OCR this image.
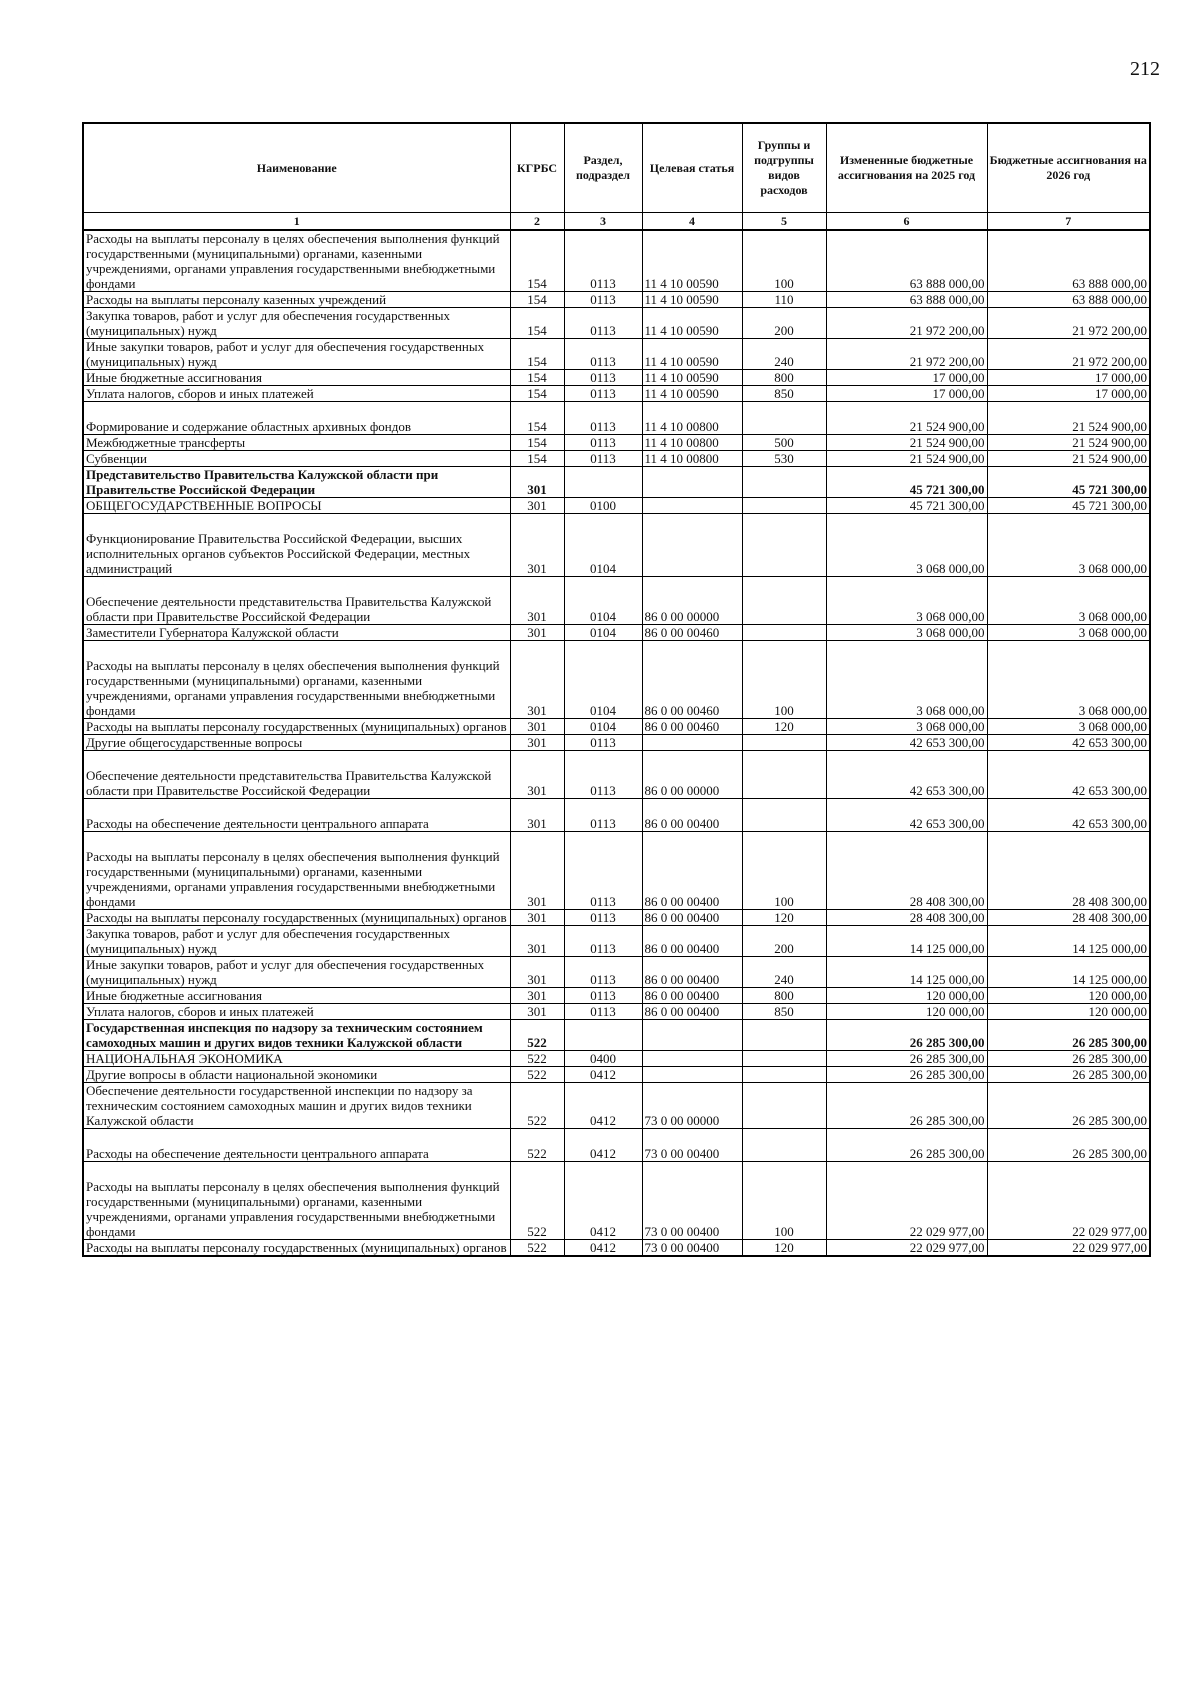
212
Наименование	КГРБС	Раздел, подраздел	Целевая статья	Группы и подгруппы видов расходов	Измененные бюджетные ассигнования на 2025 год	Бюджетные ассигнования на 2026 год
1	2	3	4	5	6	7
Расходы на выплаты персоналу в целях обеспечения выполнения функций государственными (муниципальными) органами, казенными учреждениями, органами управления государственными внебюджетными фондами	154	0113	11 4 10 00590	100	63 888 000,00	63 888 000,00
Расходы на выплаты персоналу казенных учреждений	154	0113	11 4 10 00590	110	63 888 000,00	63 888 000,00
Закупка товаров, работ и услуг для обеспечения государственных (муниципальных) нужд	154	0113	11 4 10 00590	200	21 972 200,00	21 972 200,00
Иные закупки товаров, работ и услуг для обеспечения государственных (муниципальных) нужд	154	0113	11 4 10 00590	240	21 972 200,00	21 972 200,00
Иные бюджетные ассигнования	154	0113	11 4 10 00590	800	17 000,00	17 000,00
Уплата налогов, сборов и иных платежей	154	0113	11 4 10 00590	850	17 000,00	17 000,00
Формирование и содержание областных архивных фондов	154	0113	11 4 10 00800		21 524 900,00	21 524 900,00
Межбюджетные трансферты	154	0113	11 4 10 00800	500	21 524 900,00	21 524 900,00
Субвенции	154	0113	11 4 10 00800	530	21 524 900,00	21 524 900,00
Представительство Правительства Калужской области при Правительстве Российской Федерации	301				45 721 300,00	45 721 300,00
ОБЩЕГОСУДАРСТВЕННЫЕ ВОПРОСЫ	301	0100			45 721 300,00	45 721 300,00
Функционирование Правительства Российской Федерации, высших исполнительных органов субъектов Российской Федерации, местных администраций	301	0104			3 068 000,00	3 068 000,00
Обеспечение деятельности представительства Правительства Калужской области при Правительстве Российской Федерации	301	0104	86 0 00 00000		3 068 000,00	3 068 000,00
Заместители Губернатора Калужской области	301	0104	86 0 00 00460		3 068 000,00	3 068 000,00
Расходы на выплаты персоналу в целях обеспечения выполнения функций государственными (муниципальными) органами, казенными учреждениями, органами управления государственными внебюджетными фондами	301	0104	86 0 00 00460	100	3 068 000,00	3 068 000,00
Расходы на выплаты персоналу государственных (муниципальных) органов	301	0104	86 0 00 00460	120	3 068 000,00	3 068 000,00
Другие общегосударственные вопросы	301	0113			42 653 300,00	42 653 300,00
Обеспечение деятельности представительства Правительства Калужской области при Правительстве Российской Федерации	301	0113	86 0 00 00000		42 653 300,00	42 653 300,00
Расходы на обеспечение деятельности центрального аппарата	301	0113	86 0 00 00400		42 653 300,00	42 653 300,00
Расходы на выплаты персоналу в целях обеспечения выполнения функций государственными (муниципальными) органами, казенными учреждениями, органами управления государственными внебюджетными фондами	301	0113	86 0 00 00400	100	28 408 300,00	28 408 300,00
Расходы на выплаты персоналу государственных (муниципальных) органов	301	0113	86 0 00 00400	120	28 408 300,00	28 408 300,00
Закупка товаров, работ и услуг для обеспечения государственных (муниципальных) нужд	301	0113	86 0 00 00400	200	14 125 000,00	14 125 000,00
Иные закупки товаров, работ и услуг для обеспечения государственных (муниципальных) нужд	301	0113	86 0 00 00400	240	14 125 000,00	14 125 000,00
Иные бюджетные ассигнования	301	0113	86 0 00 00400	800	120 000,00	120 000,00
Уплата налогов, сборов и иных платежей	301	0113	86 0 00 00400	850	120 000,00	120 000,00
Государственная инспекция по надзору за техническим состоянием самоходных машин и других видов техники Калужской области	522				26 285 300,00	26 285 300,00
НАЦИОНАЛЬНАЯ ЭКОНОМИКА	522	0400			26 285 300,00	26 285 300,00
Другие вопросы в области национальной экономики	522	0412			26 285 300,00	26 285 300,00
Обеспечение деятельности государственной инспекции по надзору за техническим состоянием самоходных машин и других видов техники Калужской области	522	0412	73 0 00 00000		26 285 300,00	26 285 300,00
Расходы на обеспечение деятельности центрального аппарата	522	0412	73 0 00 00400		26 285 300,00	26 285 300,00
Расходы на выплаты персоналу в целях обеспечения выполнения функций государственными (муниципальными) органами, казенными учреждениями, органами управления государственными внебюджетными фондами	522	0412	73 0 00 00400	100	22 029 977,00	22 029 977,00
Расходы на выплаты персоналу государственных (муниципальных) органов	522	0412	73 0 00 00400	120	22 029 977,00	22 029 977,00
